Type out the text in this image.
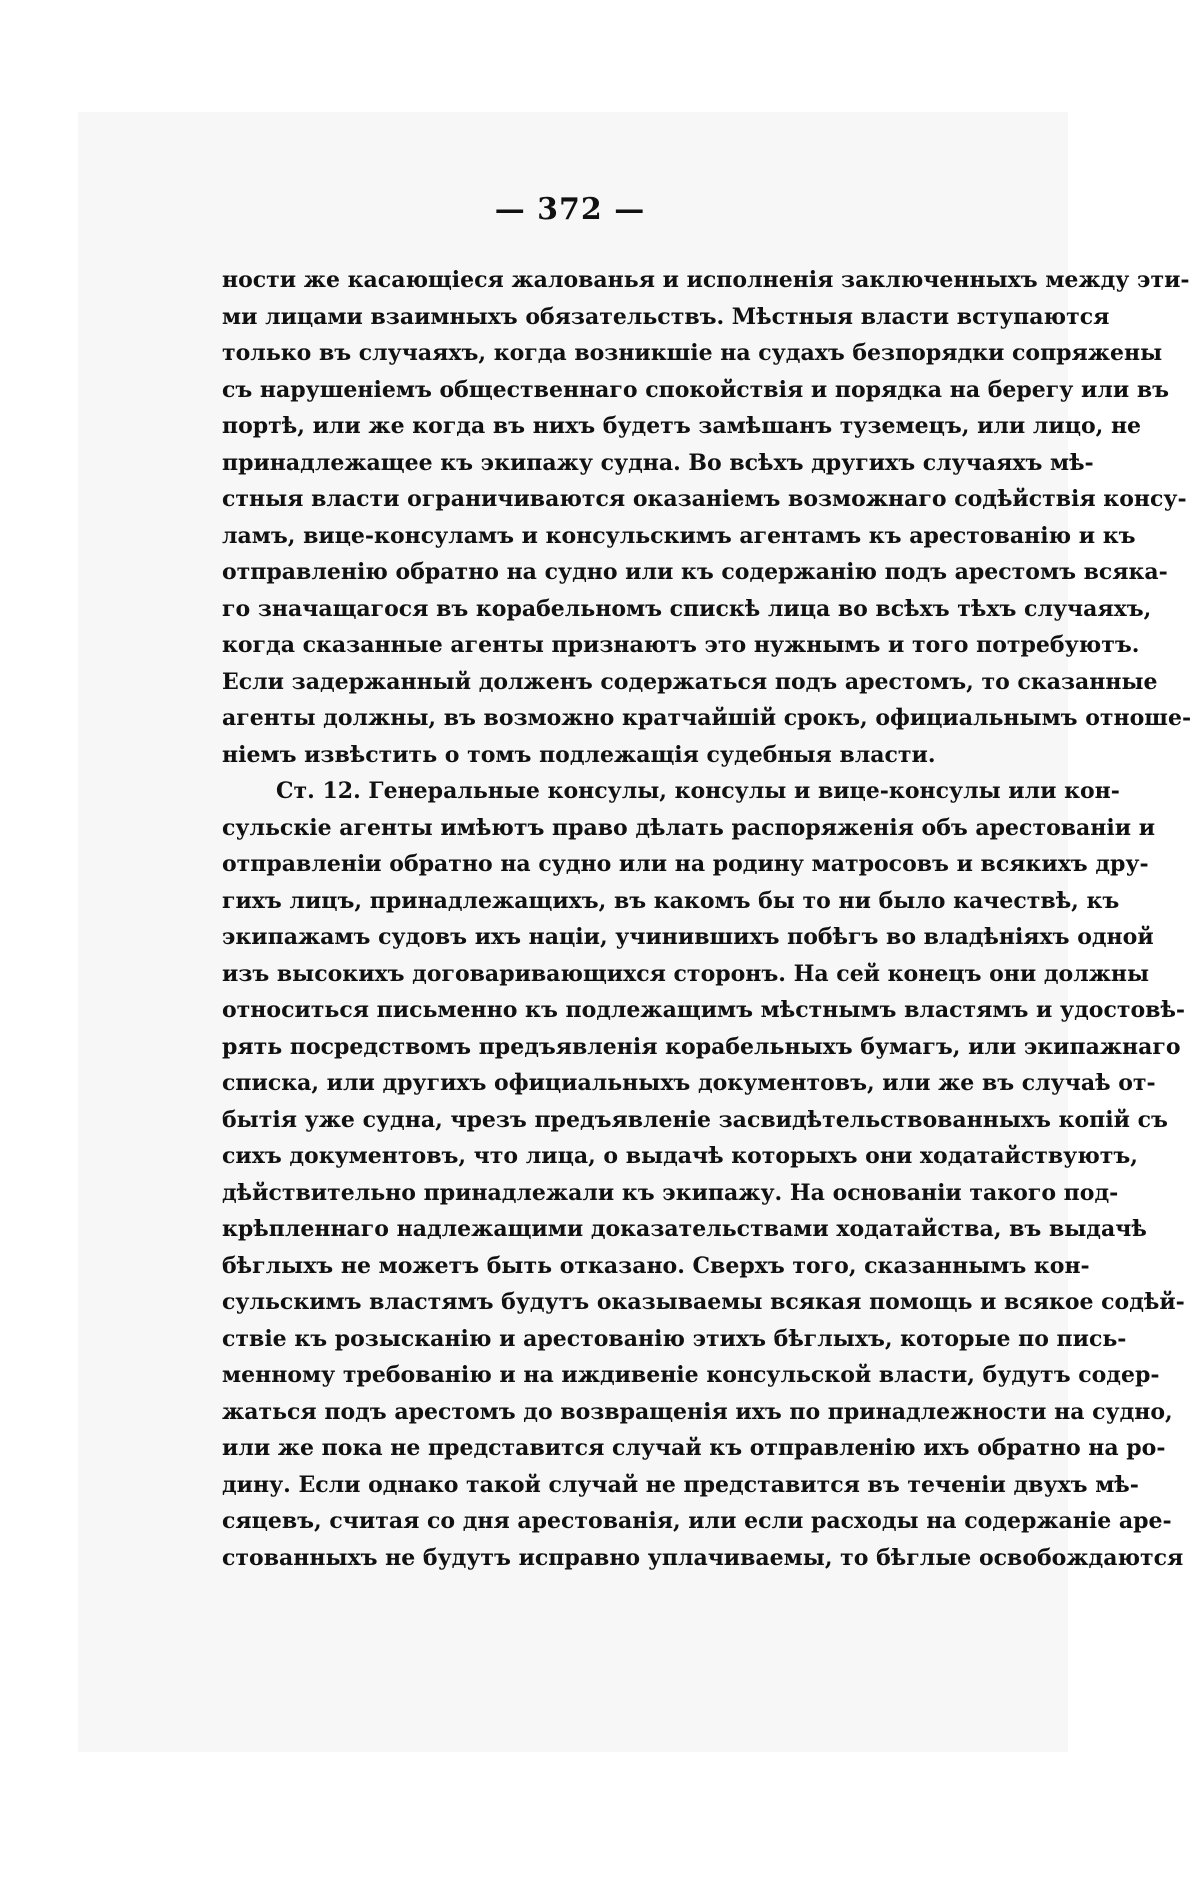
— 372 —
ности же касающіеся жалованья и исполненія заключенныхъ между эти-
ми лицами взаимныхъ обязательствъ. Мѣстныя власти вступаются
только въ случаяхъ, когда возникшіе на судахъ безпорядки сопряжены
съ нарушеніемъ общественнаго спокойствія и порядка на берегу или въ
портѣ, или же когда въ нихъ будетъ замѣшанъ туземецъ, или лицо, не
принадлежащее къ экипажу судна. Во всѣхъ другихъ случаяхъ мѣ-
стныя власти ограничиваются оказаніемъ возможнаго содѣйствія консу-
ламъ, вице-консуламъ и консульскимъ агентамъ къ арестованію и къ
отправленію обратно на судно или къ содержанію подъ арестомъ всяка-
го значащагося въ корабельномъ спискѣ лица во всѣхъ тѣхъ случаяхъ,
когда сказанные агенты признаютъ это нужнымъ и того потребуютъ.
Если задержанный долженъ содержаться подъ арестомъ, то сказанные
агенты должны, въ возможно кратчайшій срокъ, официальнымъ отноше-
ніемъ извѣстить о томъ подлежащія судебныя власти.
Ст. 12. Генеральные консулы, консулы и вице-консулы или кон-
сульскіе агенты имѣютъ право дѣлать распоряженія объ арестованіи и
отправленіи обратно на судно или на родину матросовъ и всякихъ дру-
гихъ лицъ, принадлежащихъ, въ какомъ бы то ни было качествѣ, къ
экипажамъ судовъ ихъ націи, учинившихъ побѣгъ во владѣніяхъ одной
изъ высокихъ договаривающихся сторонъ. На сей конецъ они должны
относиться письменно къ подлежащимъ мѣстнымъ властямъ и удостовѣ-
рять посредствомъ предъявленія корабельныхъ бумагъ, или экипажнаго
списка, или другихъ официальныхъ документовъ, или же въ случаѣ от-
бытія уже судна, чрезъ предъявленіе засвидѣтельствованныхъ копій съ
сихъ документовъ, что лица, о выдачѣ которыхъ они ходатайствуютъ,
дѣйствительно принадлежали къ экипажу. На основаніи такого под-
крѣпленнаго надлежащими доказательствами ходатайства, въ выдачѣ
бѣглыхъ не можетъ быть отказано. Сверхъ того, сказаннымъ кон-
сульскимъ властямъ будутъ оказываемы всякая помощь и всякое содѣй-
ствіе къ розысканію и арестованію этихъ бѣглыхъ, которые по пись-
менному требованію и на иждивеніе консульской власти, будутъ содер-
жаться подъ арестомъ до возвращенія ихъ по принадлежности на судно,
или же пока не представится случай къ отправленію ихъ обратно на ро-
дину. Если однако такой случай не представится въ теченіи двухъ мѣ-
сяцевъ, считая со дня арестованія, или если расходы на содержаніе аре-
стованныхъ не будутъ исправно уплачиваемы, то бѣглые освобождаются
